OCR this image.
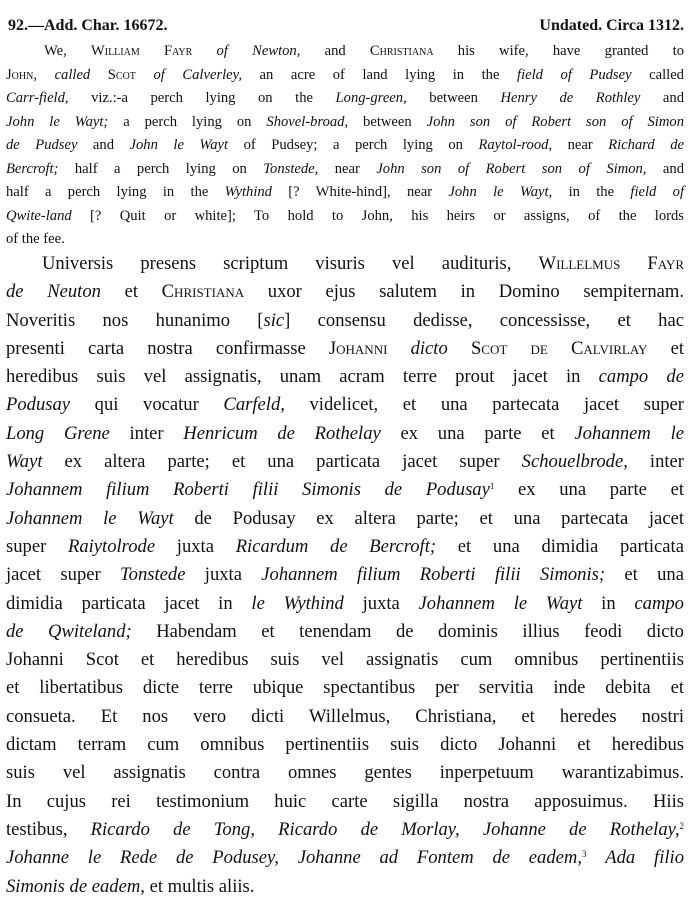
92.—Add. Char. 16672.	Undated. Circa 1312.
We, William Fayr of Newton, and Christiana his wife, have granted to
John, called Scot of Calverley, an acre of land lying in the field of Pudsey called
Carr-field, viz.:-a perch lying on the Long-green, between Henry de Rothley and
John le Wayt; a perch lying on Shovel-broad, between John son of Robert son of Simon
de Pudsey and John le Wayt of Pudsey; a perch lying on Raytol-rood, near Richard de
Bercroft; half a perch lying on Tonstede, near John son of Robert son of Simon, and
half a perch lying in the Wythind [? White-hind], near John le Wayt, in the field of
Qwite-land [? Quit or white]; To hold to John, his heirs or assigns, of the lords
of the fee.
Universis presens scriptum visuris vel audituris, Willelmus Fayr
de Neuton et Christiana uxor ejus salutem in Domino sempiternam.
Noveritis nos hunanimo [sic] consensu dedisse, concessisse, et hac
presenti carta nostra confirmasse Johanni dicto Scot de Calvirlay et
heredibus suis vel assignatis, unam acram terre prout jacet in campo de
Podusay qui vocatur Carfeld, videlicet, et una partecata jacet super
Long Grene inter Henricum de Rothelay ex una parte et Johannem le
Wayt ex altera parte; et una particata jacet super Schouelbrode, inter
Johannem filium Roberti filii Simonis de Podusay$^1$ ex una parte et
Johannem le Wayt de Podusay ex altera parte; et una partecata jacet
super Raiytolrode juxta Ricardum de Bercroft; et una dimidia particata
jacet super Tonstede juxta Johannem filium Roberti filii Simonis; et una
dimidia particata jacet in le Wythind juxta Johannem le Wayt in campo
de Qwiteland; Habendam et tenendam de dominis illius feodi dicto
Johanni Scot et heredibus suis vel assignatis cum omnibus pertinentiis
et libertatibus dicte terre ubique spectantibus per servitia inde debita et
consueta. Et nos vero dicti Willelmus, Christiana, et heredes nostri
dictam terram cum omnibus pertinentiis suis dicto Johanni et heredibus
suis vel assignatis contra omnes gentes inperpetuum warantizabimus.
In cujus rei testimonium huic carte sigilla nostra apposuimus. Hiis
testibus, Ricardo de Tong, Ricardo de Morlay, Johanne de Rothelay,$^2$
Johanne le Rede de Podusey, Johanne ad Fontem de eadem,$^3$ Ada filio
Simonis de eadem, et multis aliis.
